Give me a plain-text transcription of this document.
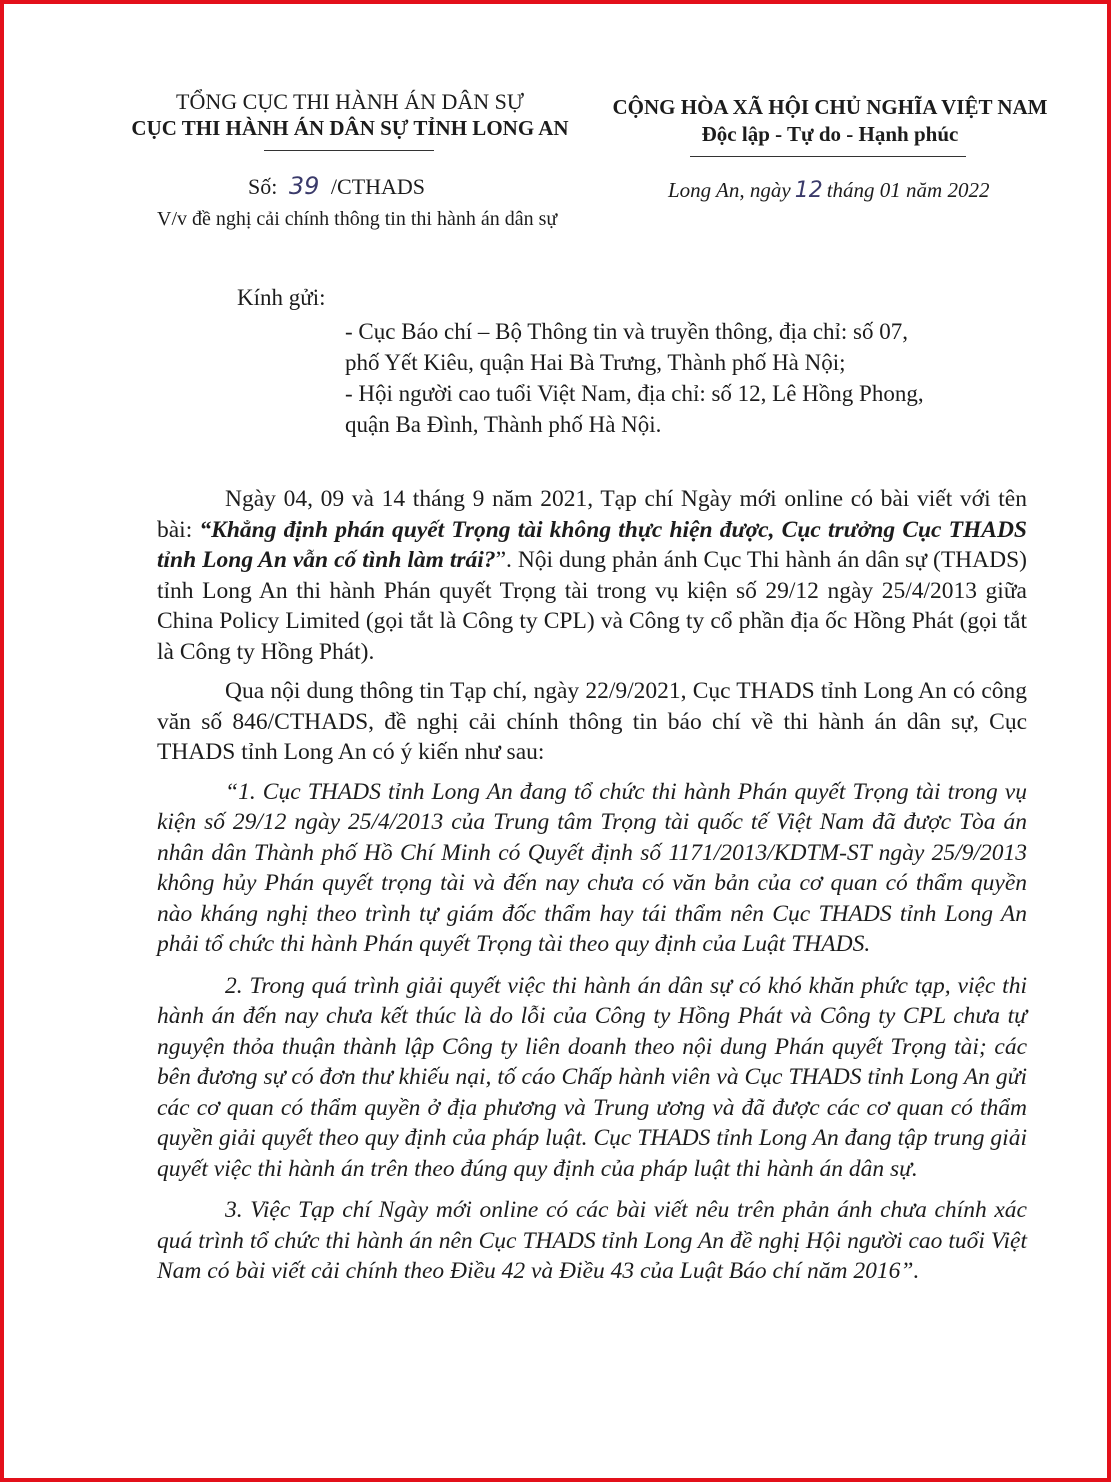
TỔNG CỤC THI HÀNH ÁN DÂN SỰ
CỤC THI HÀNH ÁN DÂN SỰ TỈNH LONG AN
CỘNG HÒA XÃ HỘI CHỦ NGHĨA VIỆT NAM
Độc lập - Tự do - Hạnh phúc
Số: 39 /CTHADS
V/v đề nghị cải chính thông tin thi hành án dân sự
Long An, ngày 12 tháng 01 năm 2022
Kính gửi:
- Cục Báo chí – Bộ Thông tin và truyền thông, địa chỉ: số 07,
phố Yết Kiêu, quận Hai Bà Trưng, Thành phố Hà Nội;
- Hội người cao tuổi Việt Nam, địa chỉ: số 12, Lê Hồng Phong,
quận Ba Đình, Thành phố Hà Nội.

Ngày 04, 09 và 14 tháng 9 năm 2021, Tạp chí Ngày mới online có bài viết với tên bài: “Khẳng định phán quyết Trọng tài không thực hiện được, Cục trưởng Cục THADS tỉnh Long An vẫn cố tình làm trái?”. Nội dung phản ánh Cục Thi hành án dân sự (THADS) tỉnh Long An thi hành Phán quyết Trọng tài trong vụ kiện số 29/12 ngày 25/4/2013 giữa China Policy Limited (gọi tắt là Công ty CPL) và Công ty cổ phần địa ốc Hồng Phát (gọi tắt là Công ty Hồng Phát).

Qua nội dung thông tin Tạp chí, ngày 22/9/2021, Cục THADS tỉnh Long An có công văn số 846/CTHADS, đề nghị cải chính thông tin báo chí về thi hành án dân sự, Cục THADS tỉnh Long An có ý kiến như sau:

“1. Cục THADS tỉnh Long An đang tổ chức thi hành Phán quyết Trọng tài trong vụ kiện số 29/12 ngày 25/4/2013 của Trung tâm Trọng tài quốc tế Việt Nam đã được Tòa án nhân dân Thành phố Hồ Chí Minh có Quyết định số 1171/2013/KDTM-ST ngày 25/9/2013 không hủy Phán quyết trọng tài và đến nay chưa có văn bản của cơ quan có thẩm quyền nào kháng nghị theo trình tự giám đốc thẩm hay tái thẩm nên Cục THADS tỉnh Long An phải tổ chức thi hành Phán quyết Trọng tài theo quy định của Luật THADS.

2. Trong quá trình giải quyết việc thi hành án dân sự có khó khăn phức tạp, việc thi hành án đến nay chưa kết thúc là do lỗi của Công ty Hồng Phát và Công ty CPL chưa tự nguyện thỏa thuận thành lập Công ty liên doanh theo nội dung Phán quyết Trọng tài; các bên đương sự có đơn thư khiếu nại, tố cáo Chấp hành viên và Cục THADS tỉnh Long An gửi các cơ quan có thẩm quyền ở địa phương và Trung ương và đã được các cơ quan có thẩm quyền giải quyết theo quy định của pháp luật. Cục THADS tỉnh Long An đang tập trung giải quyết việc thi hành án trên theo đúng quy định của pháp luật thi hành án dân sự.

3. Việc Tạp chí Ngày mới online có các bài viết nêu trên phản ánh chưa chính xác quá trình tổ chức thi hành án nên Cục THADS tỉnh Long An đề nghị Hội người cao tuổi Việt Nam có bài viết cải chính theo Điều 42 và Điều 43 của Luật Báo chí năm 2016”.
